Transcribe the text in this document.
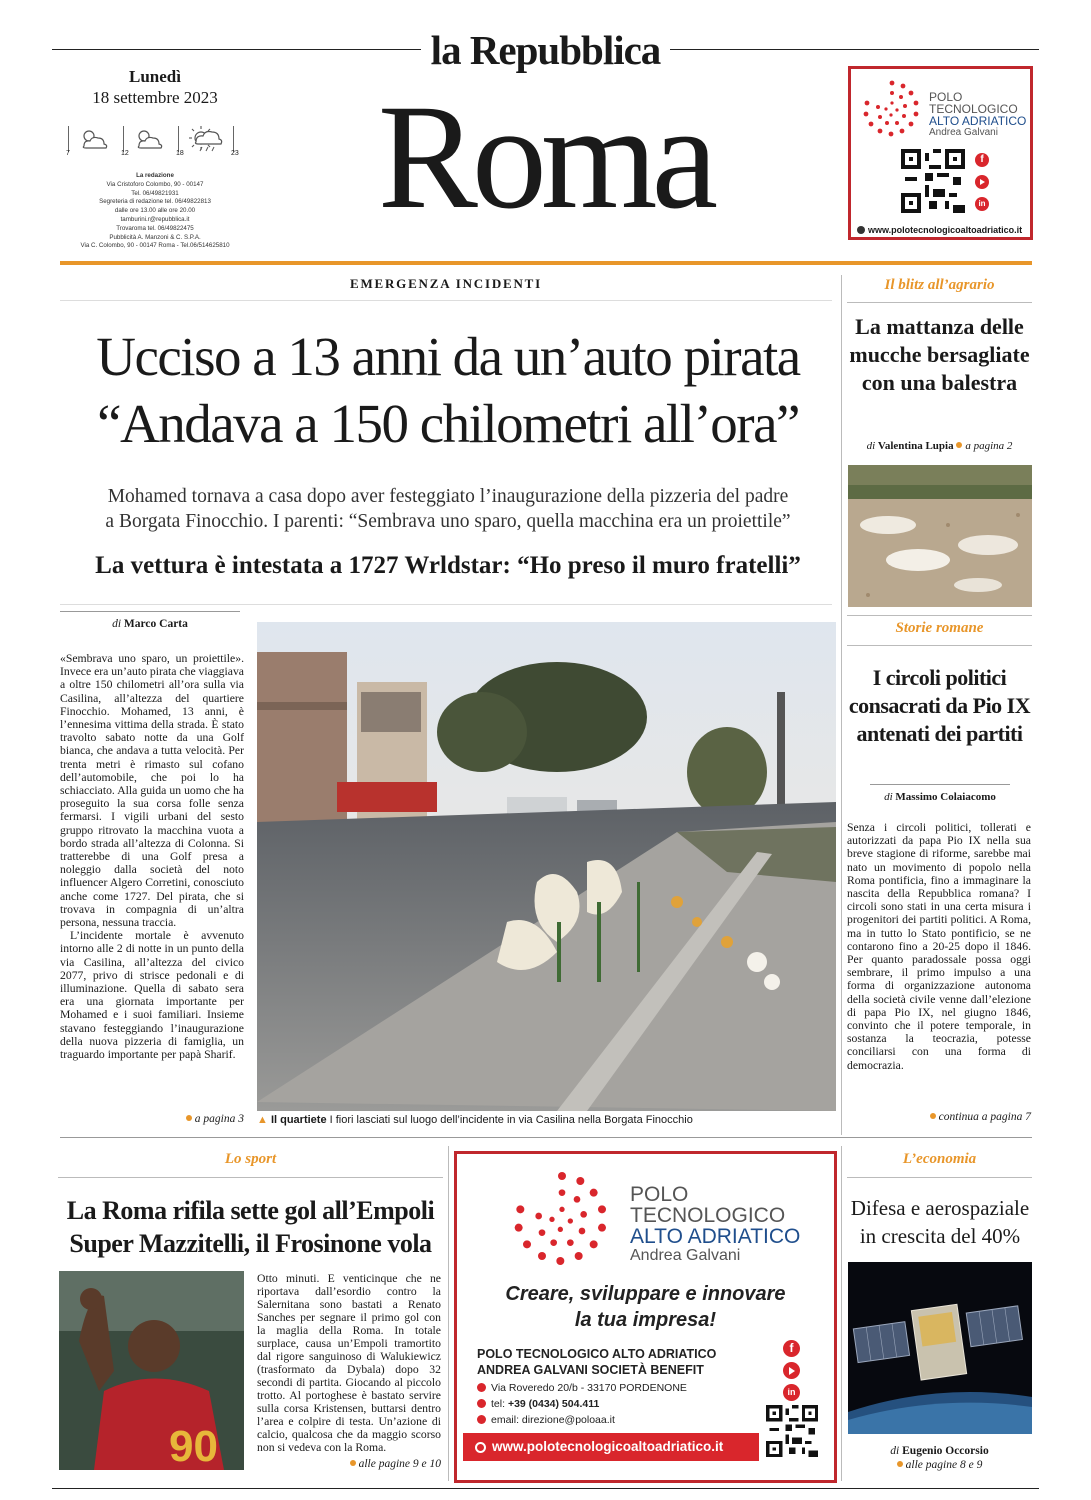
la Repubblica
Roma
Lunedì
18 settembre 2023
7	12	18	23
La redazione
Via Cristoforo Colombo, 90 - 00147
Tel. 06/49821931
Segreteria di redazione tel. 06/49822813
dalle ore 13.00 alle ore 20.00
tamburini.r@repubblica.it
Trovaroma tel. 06/49822475
Pubblicità A. Manzoni & C. S.P.A.
Via C. Colombo, 90 - 00147 Roma - Tel.06/514625810
POLO
TECNOLOGICO
ALTO ADRIATICO
Andrea Galvani
f
in
www.polotecnologicoaltoadriatico.it
EMERGENZA INCIDENTI
Ucciso a 13 anni da un’auto pirata
“Andava a 150 chilometri all’ora”
Mohamed tornava a casa dopo aver festeggiato l’inaugurazione della pizzeria del padre
a Borgata Finocchio. I parenti: “Sembrava uno sparo, quella macchina era un proiettile”
La vettura è intestata a 1727 Wrldstar: “Ho preso il muro fratelli”
di Marco Carta
«Sembrava uno sparo, un proiettile». Invece era un’auto pirata che viaggiava a oltre 150 chilometri all’ora sulla via Casilina, all’altezza del quartiere Finocchio. Mohamed, 13 anni, è l’ennesima vittima della strada. È stato travolto sabato notte da una Golf bianca, che andava a tutta velocità. Per trenta metri è rimasto sul cofano dell’automobile, che poi lo ha schiacciato. Alla guida un uomo che ha proseguito la sua corsa folle senza fermarsi. I vigili urbani del sesto gruppo ritrovato la macchina vuota a bordo strada all’altezza di Colonna. Si tratterebbe di una Golf presa a noleggio dalla società del noto influencer Algero Corretini, conosciuto anche come 1727. Del pirata, che si trovava in compagnia di un’altra persona, nessuna traccia.
L’incidente mortale è avvenuto intorno alle 2 di notte in un punto della via Casilina, all’altezza del civico 2077, privo di strisce pedonali e di illuminazione. Quella di sabato sera era una giornata importante per Mohamed e i suoi familiari. Insieme stavano festeggiando l’inaugurazione della nuova pizzeria di famiglia, un traguardo importante per papà Sharif.
a pagina 3 ▲ Il quartiete I fiori lasciati sul luogo dell’incidente in via Casilina nella Borgata Finocchio
Il blitz all’agrario
La mattanza delle mucche bersagliate con una balestra
di Valentina Lupia a pagina 2
Storie romane
I circoli politici consacrati da Pio IX antenati dei partiti
di Massimo Colaiacomo
Senza i circoli politici, tollerati e autorizzati da papa Pio IX nella sua breve stagione di riforme, sarebbe mai nato un movimento di popolo nella Roma pontificia, fino a immaginare la nascita della Repubblica romana? I circoli sono stati in una certa misura i progenitori dei partiti politici. A Roma, ma in tutto lo Stato pontificio, se ne contarono fino a 20-25 dopo il 1846. Per quanto paradossale possa oggi sembrare, il primo impulso a una forma di organizzazione autonoma della società civile venne dall’elezione di papa Pio IX, nel giugno 1846, convinto che il potere temporale, in sostanza la teocrazia, potesse conciliarsi con una forma di democrazia.
continua a pagina 7
Lo sport
La Roma rifila sette gol all’Empoli
Super Mazzitelli, il Frosinone vola
90
Otto minuti. E venticinque che ne riportava dall’esordio contro la Salernitana sono bastati a Renato Sanches per segnare il primo gol con la maglia della Roma. In totale surplace, causa un’Empoli tramortito dal rigore sanguinoso di Walukiewicz (trasformato da Dybala) dopo 32 secondi di partita. Giocando al piccolo trotto. Al portoghese è bastato servire sulla corsa Kristensen, buttarsi dentro l’area e colpire di testa. Un’azione di calcio, qualcosa che da maggio scorso non si vedeva con la Roma.
alle pagine 9 e 10
POLO
TECNOLOGICO
ALTO ADRIATICO
Andrea Galvani
Creare, sviluppare e innovare
la tua impresa!
POLO TECNOLOGICO ALTO ADRIATICO
ANDREA GALVANI SOCIETÀ BENEFIT
Via Roveredo 20/b - 33170 PORDENONE
tel: +39 (0434) 504.411
email: direzione@poloaa.it
f
in
www.polotecnologicoaltoadriatico.it
L’economia
Difesa e aerospaziale in crescita del 40%
di Eugenio Occorsio
alle pagine 8 e 9
